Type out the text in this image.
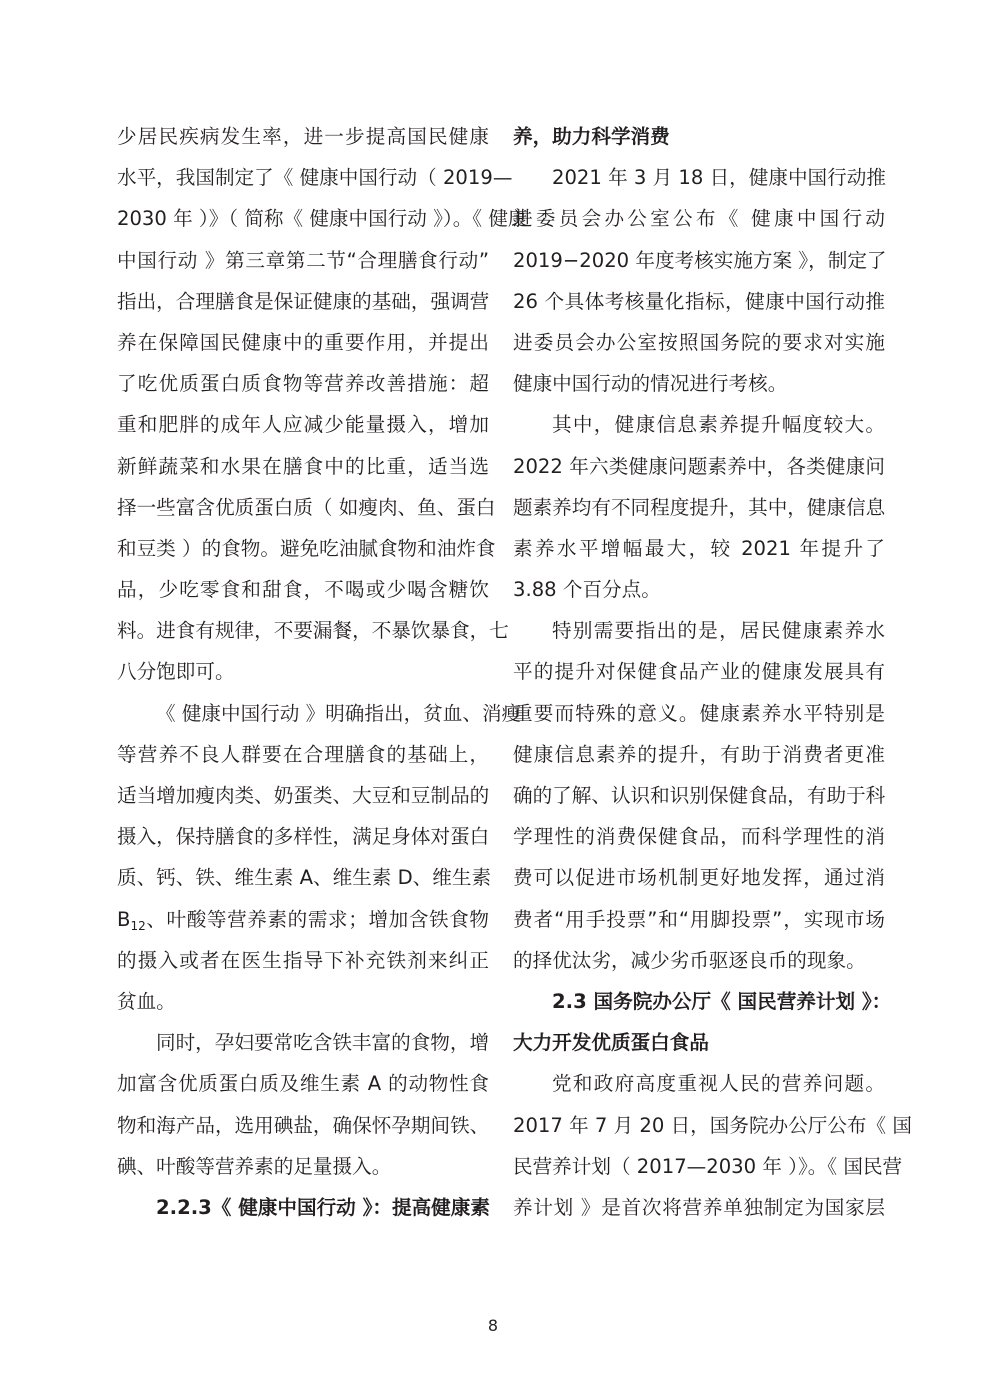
少居民疾病发生率，进一步提高国民健康
水平，我国制定了《 健康中国行动（ 2019—
2030 年 ）》（ 简称《 健康中国行动 》）。《 健康
中国行动 》第三章第二节“合理膳食行动”
指出，合理膳食是保证健康的基础，强调营
养在保障国民健康中的重要作用，并提出
了吃优质蛋白质食物等营养改善措施：超
重和肥胖的成年人应减少能量摄入，增加
新鲜蔬菜和水果在膳食中的比重，适当选
择一些富含优质蛋白质（ 如瘦肉、鱼、蛋白
和豆类 ）的食物。避免吃油腻食物和油炸食
品，少吃零食和甜食，不喝或少喝含糖饮
料。进食有规律，不要漏餐，不暴饮暴食，七
八分饱即可。
《 健康中国行动 》明确指出，贫血、消瘦
等营养不良人群要在合理膳食的基础上，
适当增加瘦肉类、奶蛋类、大豆和豆制品的
摄入，保持膳食的多样性，满足身体对蛋白
质、钙、铁、维生素 A、维生素 D、维生素
$B_{12}$、叶酸等营养素的需求；增加含铁食物
的摄入或者在医生指导下补充铁剂来纠正
贫血。
同时，孕妇要常吃含铁丰富的食物，增
加富含优质蛋白质及维生素 A 的动物性食
物和海产品，选用碘盐，确保怀孕期间铁、
碘、叶酸等营养素的足量摄入。
2.2.3《 健康中国行动 》：提高健康素
养，助力科学消费
2021 年 3 月 18 日，健康中国行动推
进委员会办公室公布《 健康中国行动
2019−2020 年度考核实施方案 》，制定了
26 个具体考核量化指标，健康中国行动推
进委员会办公室按照国务院的要求对实施
健康中国行动的情况进行考核。
其中，健康信息素养提升幅度较大。
2022 年六类健康问题素养中，各类健康问
题素养均有不同程度提升，其中，健康信息
素养水平增幅最大，较 2021 年提升了
3.88 个百分点。
特别需要指出的是，居民健康素养水
平的提升对保健食品产业的健康发展具有
重要而特殊的意义。健康素养水平特别是
健康信息素养的提升，有助于消费者更准
确的了解、认识和识别保健食品，有助于科
学理性的消费保健食品，而科学理性的消
费可以促进市场机制更好地发挥，通过消
费者“用手投票”和“用脚投票”，实现市场
的择优汰劣，减少劣币驱逐良币的现象。
2.3 国务院办公厅《 国民营养计划 》：
大力开发优质蛋白食品
党和政府高度重视人民的营养问题。
2017 年 7 月 20 日，国务院办公厅公布《 国
民营养计划（ 2017—2030 年 ）》。《 国民营
养计划 》是首次将营养单独制定为国家层
8
